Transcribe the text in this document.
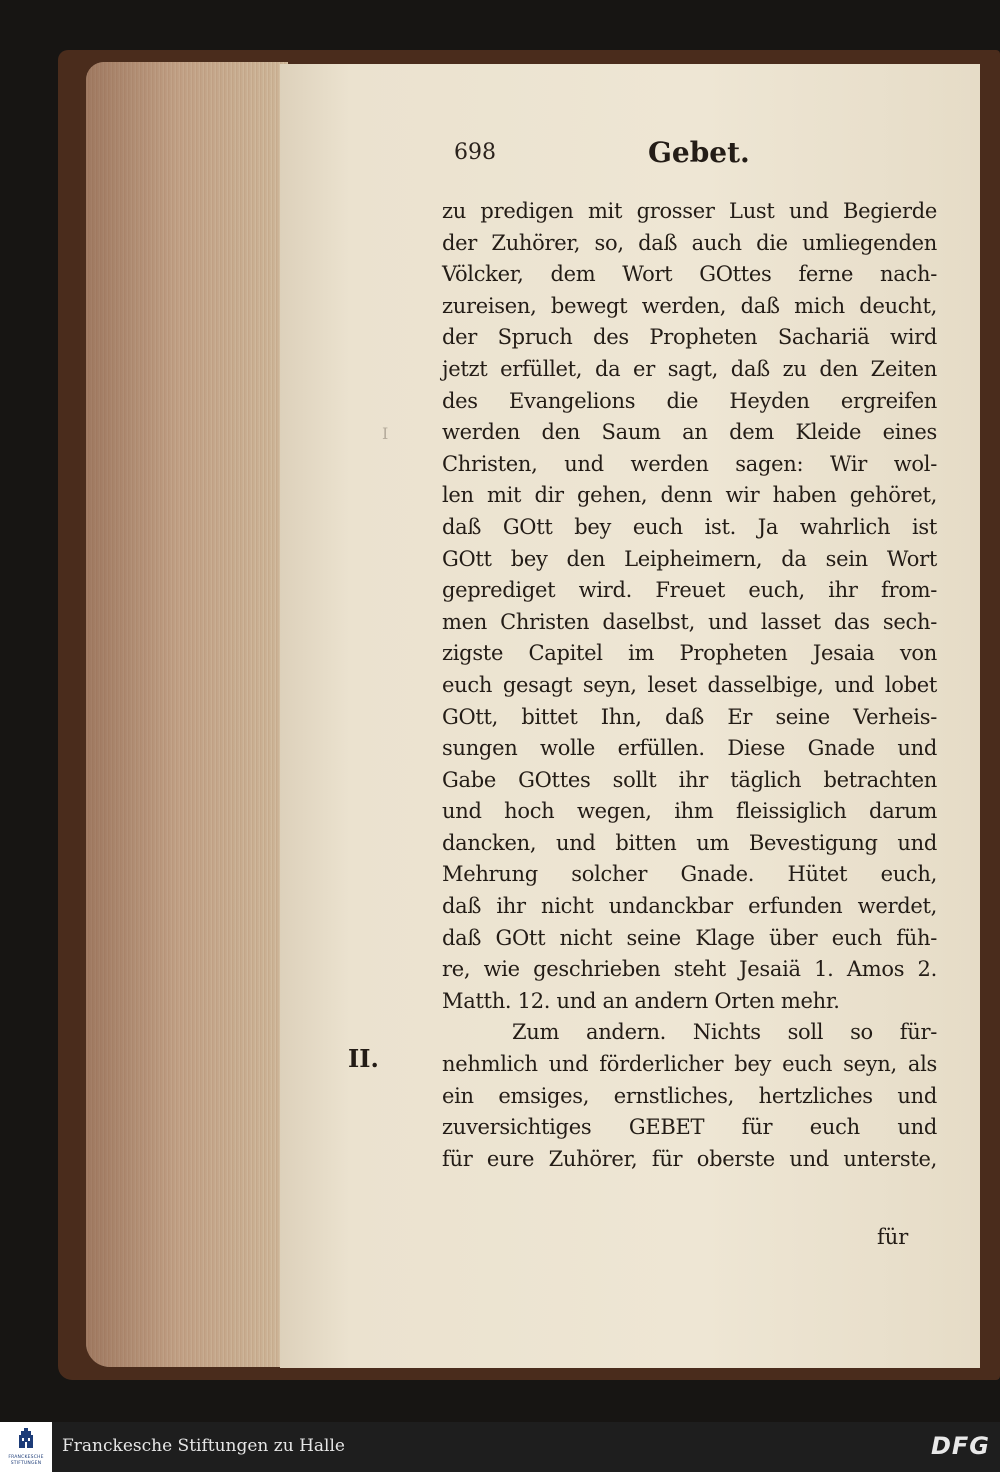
I
698	Gebet.
zu predigen mit grosser Lust und Begierde
der Zuhörer, so, daß auch die umliegenden
Völcker, dem Wort GOttes ferne nach-
zureisen, bewegt werden, daß mich deucht,
der Spruch des Propheten Sachariä wird
jetzt erfüllet, da er sagt, daß zu den Zeiten
des Evangelions die Heyden ergreifen
werden den Saum an dem Kleide eines
Christen, und werden sagen: Wir wol-
len mit dir gehen, denn wir haben gehöret,
daß GOtt bey euch ist. Ja wahrlich ist
GOtt bey den Leipheimern, da sein Wort
geprediget wird. Freuet euch, ihr from-
men Christen daselbst, und lasset das sech-
zigste Capitel im Propheten Jesaia von
euch gesagt seyn, leset dasselbige, und lobet
GOtt, bittet Ihn, daß Er seine Verheis-
sungen wolle erfüllen. Diese Gnade und
Gabe GOttes sollt ihr täglich betrachten
und hoch wegen, ihm fleissiglich darum
dancken, und bitten um Bevestigung und
Mehrung solcher Gnade. Hütet euch,
daß ihr nicht undanckbar erfunden werdet,
daß GOtt nicht seine Klage über euch füh-
re, wie geschrieben steht Jesaiä 1. Amos 2.
Matth. 12. und an andern Orten mehr.
Zum andern. Nichts soll so für-
nehmlich und förderlicher bey euch seyn, als
ein emsiges, ernstliches, hertzliches und
zuversichtiges GEBET für euch und
für eure Zuhörer, für oberste und unterste,
II.
für
FRANCKESCHE
STIFTUNGEN
Franckesche Stiftungen zu Halle	DFG
